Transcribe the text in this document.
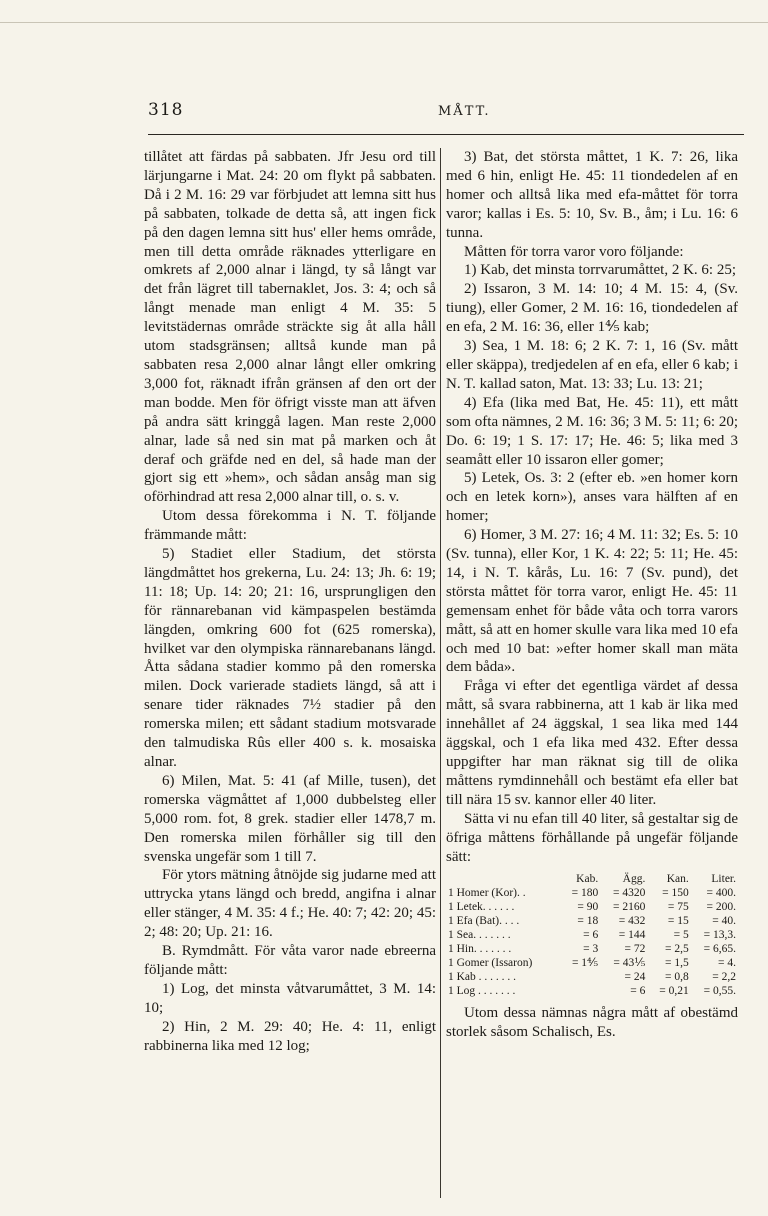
318	MÅTT.

tillåtet att färdas på sabbaten. Jfr Jesu ord till lärjungarne i Mat. 24: 20 om flykt på sabbaten. Då i 2 M. 16: 29 var förbjudet att lemna sitt hus på sabbaten, tolkade de detta så, att ingen fick på den dagen lemna sitt hus' eller hems område, men till detta område räknades ytterligare en omkrets af 2,000 alnar i längd, ty så långt var det från lägret till tabernaklet, Jos. 3: 4; och så långt menade man enligt 4 M. 35: 5 levitstädernas område sträckte sig åt alla håll utom stadsgränsen; alltså kunde man på sabbaten resa 2,000 alnar långt eller omkring 3,000 fot, räknadt ifrån gränsen af den ort der man bodde. Men för öfrigt visste man att äfven på andra sätt kringgå lagen. Man reste 2,000 alnar, lade så ned sin mat på marken och åt deraf och gräfde ned en del, så hade man der gjort sig ett »hem», och sådan ansåg man sig oförhindrad att resa 2,000 alnar till, o. s. v.

Utom dessa förekomma i N. T. följande främmande mått:

5) Stadiet eller Stadium, det största längdmåttet hos grekerna, Lu. 24: 13; Jh. 6: 19; 11: 18; Up. 14: 20; 21: 16, ursprungligen den för rännarebanan vid kämpaspelen bestämda längden, omkring 600 fot (625 romerska), hvilket var den olympiska rännarebanans längd. Åtta sådana stadier kommo på den romerska milen. Dock varierade stadiets längd, så att i senare tider räknades 7½ stadier på den romerska milen; ett sådant stadium motsvarade den talmudiska Rûs eller 400 s. k. mosaiska alnar.

6) Milen, Mat. 5: 41 (af Mille, tusen), det romerska vägmåttet af 1,000 dubbelsteg eller 5,000 rom. fot, 8 grek. stadier eller 1478,7 m. Den romerska milen förhåller sig till den svenska ungefär som 1 till 7.

För ytors mätning åtnöjde sig judarne med att uttrycka ytans längd och bredd, angifna i alnar eller stänger, 4 M. 35: 4 f.; He. 40: 7; 42: 20; 45: 2; 48: 20; Up. 21: 16.

B. Rymdmått. För våta varor nade ebreerna följande mått:

1) Log, det minsta våtvarumåttet, 3 M. 14: 10;

2) Hin, 2 M. 29: 40; He. 4: 11, enligt rabbinerna lika med 12 log;

3) Bat, det största måttet, 1 K. 7: 26, lika med 6 hin, enligt He. 45: 11 tiondedelen af en homer och alltså lika med efa-måttet för torra varor; kallas i Es. 5: 10, Sv. B., åm; i Lu. 16: 6 tunna.

Måtten för torra varor voro följande:

1) Kab, det minsta torrvarumåttet, 2 K. 6: 25;

2) Issaron, 3 M. 14: 10; 4 M. 15: 4, (Sv. tiung), eller Gomer, 2 M. 16: 16, tiondedelen af en efa, 2 M. 16: 36, eller 1⅘ kab;

3) Sea, 1 M. 18: 6; 2 K. 7: 1, 16 (Sv. mått eller skäppa), tredjedelen af en efa, eller 6 kab; i N. T. kallad saton, Mat. 13: 33; Lu. 13: 21;

4) Efa (lika med Bat, He. 45: 11), ett mått som ofta nämnes, 2 M. 16: 36; 3 M. 5: 11; 6: 20; Do. 6: 19; 1 S. 17: 17; He. 46: 5; lika med 3 seamått eller 10 issaron eller gomer;

5) Letek, Os. 3: 2 (efter eb. »en homer korn och en letek korn»), anses vara hälften af en homer;

6) Homer, 3 M. 27: 16; 4 M. 11: 32; Es. 5: 10 (Sv. tunna), eller Kor, 1 K. 4: 22; 5: 11; He. 45: 14, i N. T. kårås, Lu. 16: 7 (Sv. pund), det största måttet för torra varor, enligt He. 45: 11 gemensam enhet för både våta och torra varors mått, så att en homer skulle vara lika med 10 efa och med 10 bat: »efter homer skall man mäta dem båda».

Fråga vi efter det egentliga värdet af dessa mått, så svara rabbinerna, att 1 kab är lika med innehållet af 24 äggskal, 1 sea lika med 144 äggskal, och 1 efa lika med 432. Efter dessa uppgifter har man räknat sig till de olika måttens rymdinnehåll och bestämt efa eller bat till nära 15 sv. kannor eller 40 liter.

Sätta vi nu efan till 40 liter, så gestaltar sig de öfriga måttens förhållande på ungefär följande sätt:

	Kab.	Ägg.	Kan.	Liter.
1 Homer (Kor). .	= 180	= 4320	= 150	= 400.
1 Letek. . . . . .	= 90	= 2160	= 75	= 200.
1 Efa (Bat). . . .	= 18	= 432	= 15	= 40.
1 Sea. . . . . . .	= 6	= 144	= 5	= 13,3.
1 Hin. . . . . . .	= 3	= 72	= 2,5	= 6,65.
1 Gomer (Issaron)	= 1⅘	= 43⅕	= 1,5	= 4.
1 Kab . . . . . . .		= 24	= 0,8	= 2,2
1 Log . . . . . . .		= 6	= 0,21	= 0,55.

Utom dessa nämnas några mått af obestämd storlek såsom Schalisch, Es.
